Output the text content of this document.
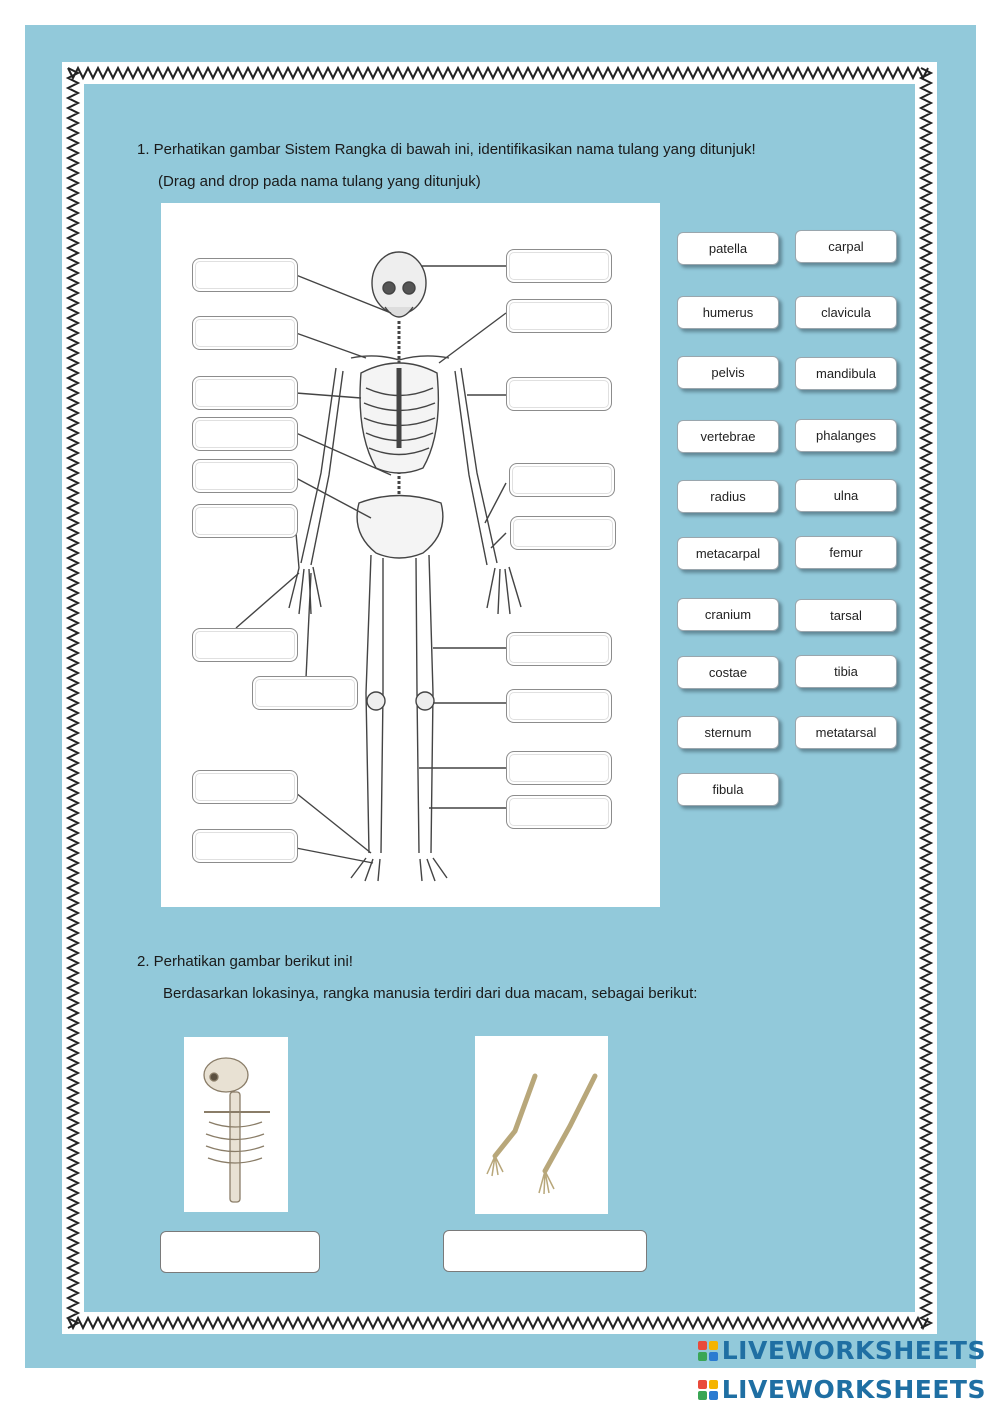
1. Perhatikan gambar Sistem Rangka di bawah ini, identifikasikan nama tulang yang ditunjuk!
(Drag and drop pada nama tulang yang ditunjuk)
patella	carpal
humerus	clavicula
pelvis	mandibula
vertebrae	phalanges
radius	ulna
metacarpal	femur
cranium	tarsal
costae	tibia
sternum	metatarsal
fibula
2. Perhatikan gambar berikut ini!
Berdasarkan lokasinya, rangka manusia terdiri dari dua macam, sebagai berikut:
LIVEWORKSHEETS
LIVEWORKSHEETS
